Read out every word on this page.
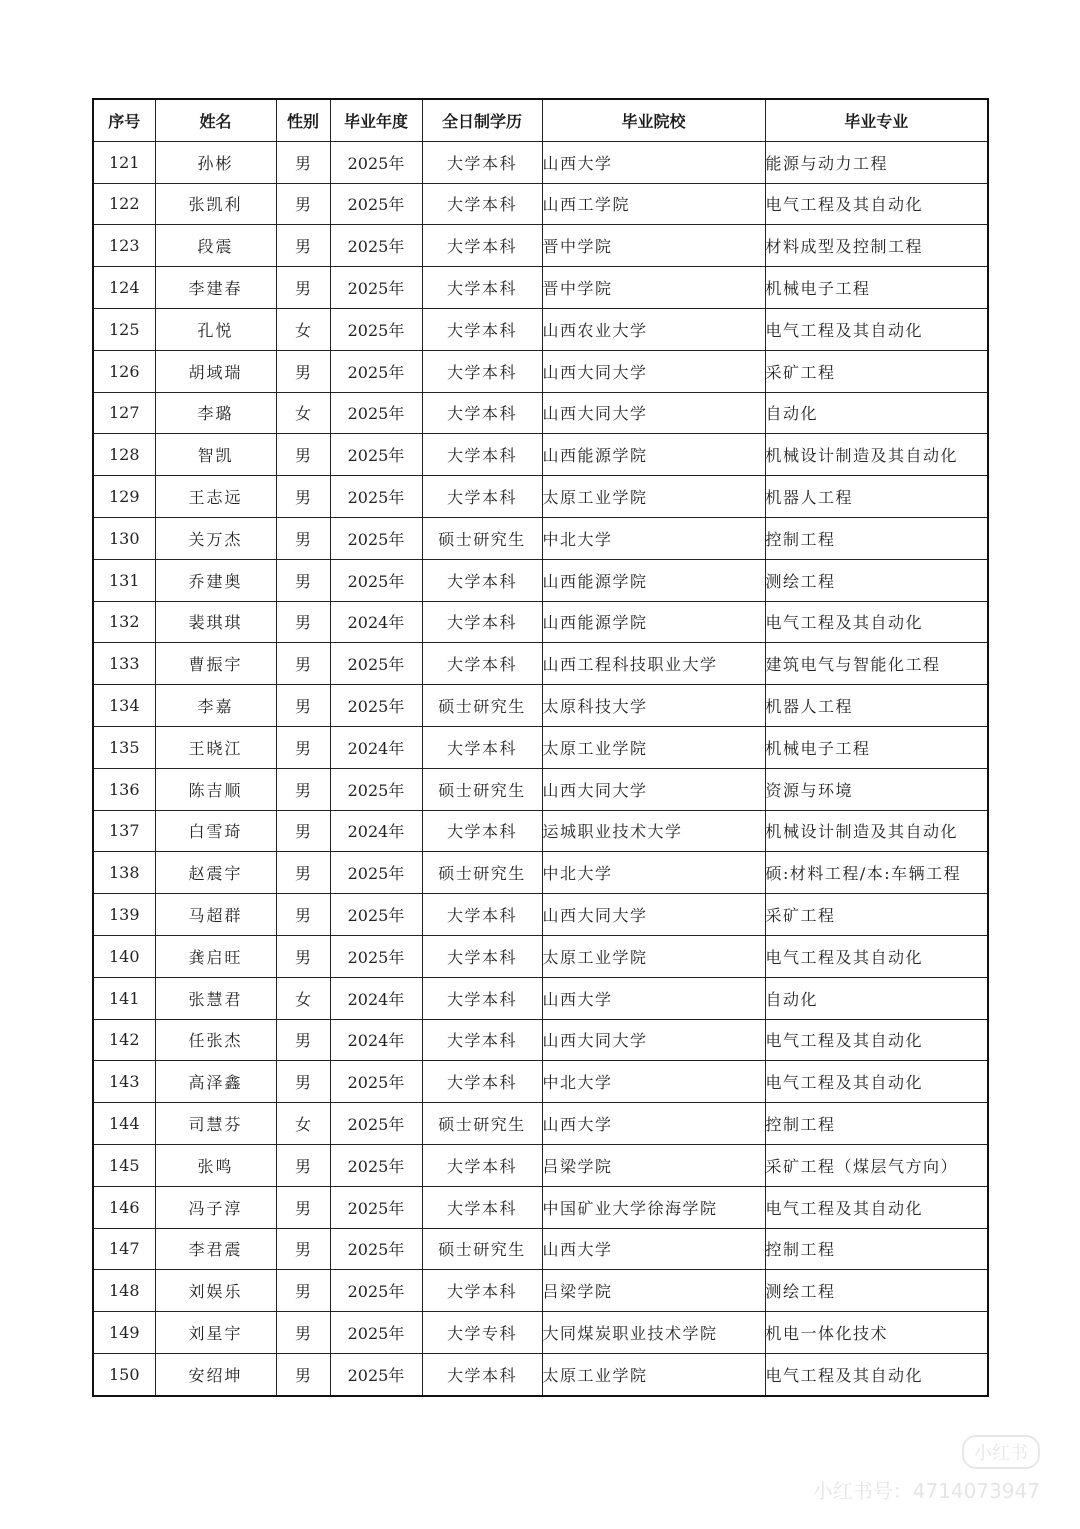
序号	姓名	性别	毕业年度	全日制学历	毕业院校	毕业专业
121	孙彬	男	2025年	大学本科	山西大学	能源与动力工程
122	张凯利	男	2025年	大学本科	山西工学院	电气工程及其自动化
123	段震	男	2025年	大学本科	晋中学院	材料成型及控制工程
124	李建春	男	2025年	大学本科	晋中学院	机械电子工程
125	孔悦	女	2025年	大学本科	山西农业大学	电气工程及其自动化
126	胡域瑞	男	2025年	大学本科	山西大同大学	采矿工程
127	李璐	女	2025年	大学本科	山西大同大学	自动化
128	智凯	男	2025年	大学本科	山西能源学院	机械设计制造及其自动化
129	王志远	男	2025年	大学本科	太原工业学院	机器人工程
130	关万杰	男	2025年	硕士研究生	中北大学	控制工程
131	乔建奥	男	2025年	大学本科	山西能源学院	测绘工程
132	裴琪琪	男	2024年	大学本科	山西能源学院	电气工程及其自动化
133	曹振宇	男	2025年	大学本科	山西工程科技职业大学	建筑电气与智能化工程
134	李嘉	男	2025年	硕士研究生	太原科技大学	机器人工程
135	王晓江	男	2024年	大学本科	太原工业学院	机械电子工程
136	陈吉顺	男	2025年	硕士研究生	山西大同大学	资源与环境
137	白雪琦	男	2024年	大学本科	运城职业技术大学	机械设计制造及其自动化
138	赵震宇	男	2025年	硕士研究生	中北大学	硕:材料工程/本:车辆工程
139	马超群	男	2025年	大学本科	山西大同大学	采矿工程
140	龚启旺	男	2025年	大学本科	太原工业学院	电气工程及其自动化
141	张慧君	女	2024年	大学本科	山西大学	自动化
142	任张杰	男	2024年	大学本科	山西大同大学	电气工程及其自动化
143	高泽鑫	男	2025年	大学本科	中北大学	电气工程及其自动化
144	司慧芬	女	2025年	硕士研究生	山西大学	控制工程
145	张鸣	男	2025年	大学本科	吕梁学院	采矿工程（煤层气方向）
146	冯子淳	男	2025年	大学本科	中国矿业大学徐海学院	电气工程及其自动化
147	李君震	男	2025年	硕士研究生	山西大学	控制工程
148	刘娱乐	男	2025年	大学本科	吕梁学院	测绘工程
149	刘星宇	男	2025年	大学专科	大同煤炭职业技术学院	机电一体化技术
150	安绍坤	男	2025年	大学本科	太原工业学院	电气工程及其自动化
小红书
小红书号：4714073947
